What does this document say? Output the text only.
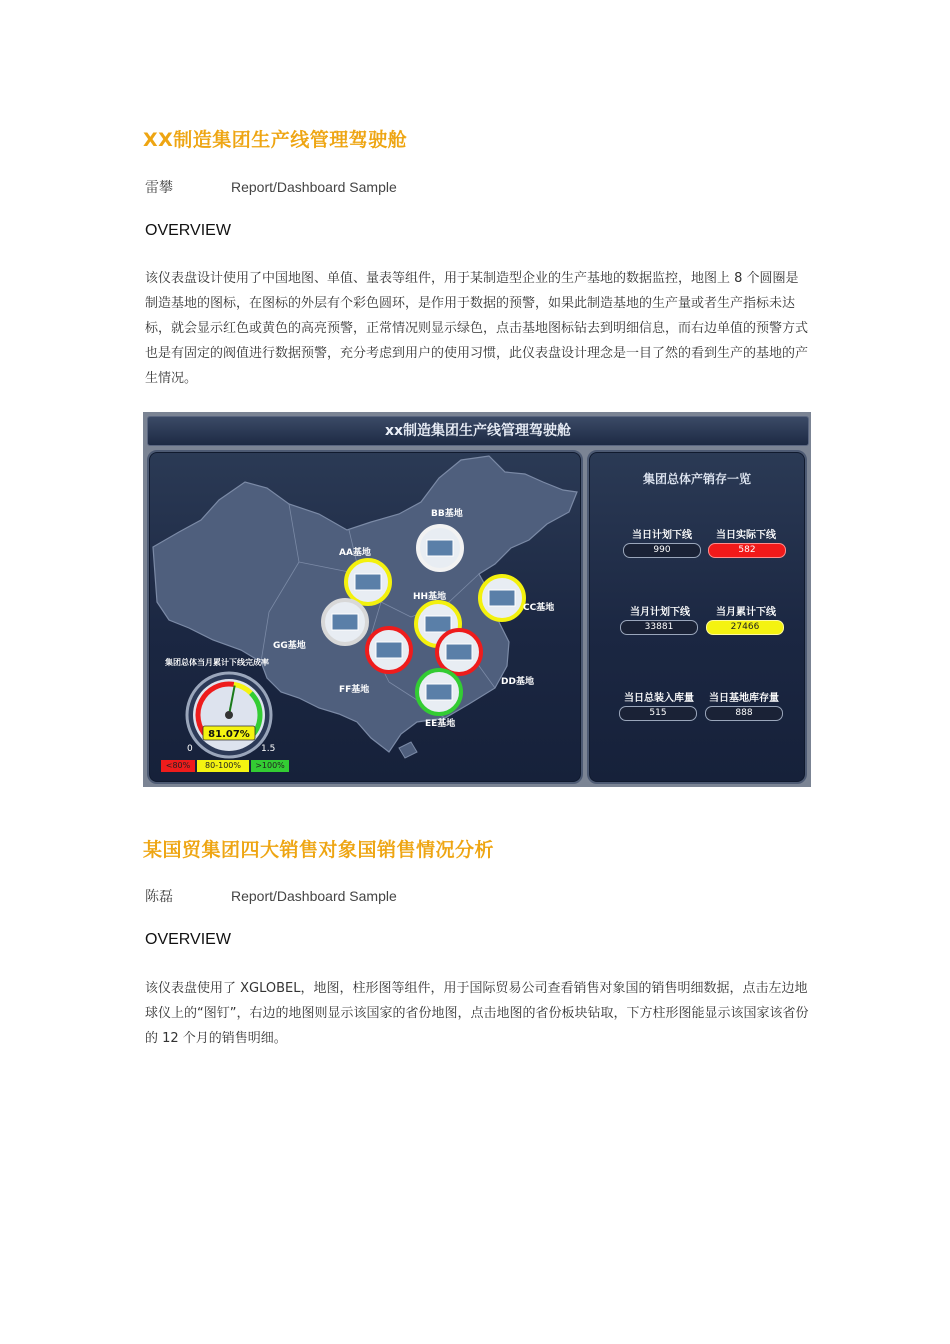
XX制造集团生产线管理驾驶舱
雷攀	Report/Dashboard Sample
OVERVIEW

该仪表盘设计使用了中国地图、单值、量表等组件，用于某制造型企业的生产基地的数据监控，地图上 8 个圆圈是制造基地的图标，在图标的外层有个彩色圆环，是作用于数据的预警，如果此制造基地的生产量或者生产指标未达标，就会显示红色或黄色的高亮预警，正常情况则显示绿色，点击基地图标钻去到明细信息，而右边单值的预警方式也是有固定的阀值进行数据预警，充分考虑到用户的使用习惯，此仪表盘设计理念是一目了然的看到生产的基地的产生情况。

xx制造集团生产线管理驾驶舱
BB基地
AA基地
HH基地
CC基地
GG基地
FF基地
DD基地
EE基地
集团总体当月累计下线完成率
81.07%
0	1.5
<80%	80-100%	>100%
集团总体产销存一览
当日计划下线
990
当日实际下线
582
当月计划下线
33881
当月累计下线
27466
当日总装入库量
515
当日基地库存量
888
某国贸集团四大销售对象国销售情况分析
陈磊	Report/Dashboard Sample
OVERVIEW

该仪表盘使用了 XGLOBEL，地图，柱形图等组件，用于国际贸易公司查看销售对象国的销售明细数据，点击左边地球仪上的“图钉”，右边的地图则显示该国家的省份地图，点击地图的省份板块钻取，下方柱形图能显示该国家该省份的 12 个月的销售明细。
